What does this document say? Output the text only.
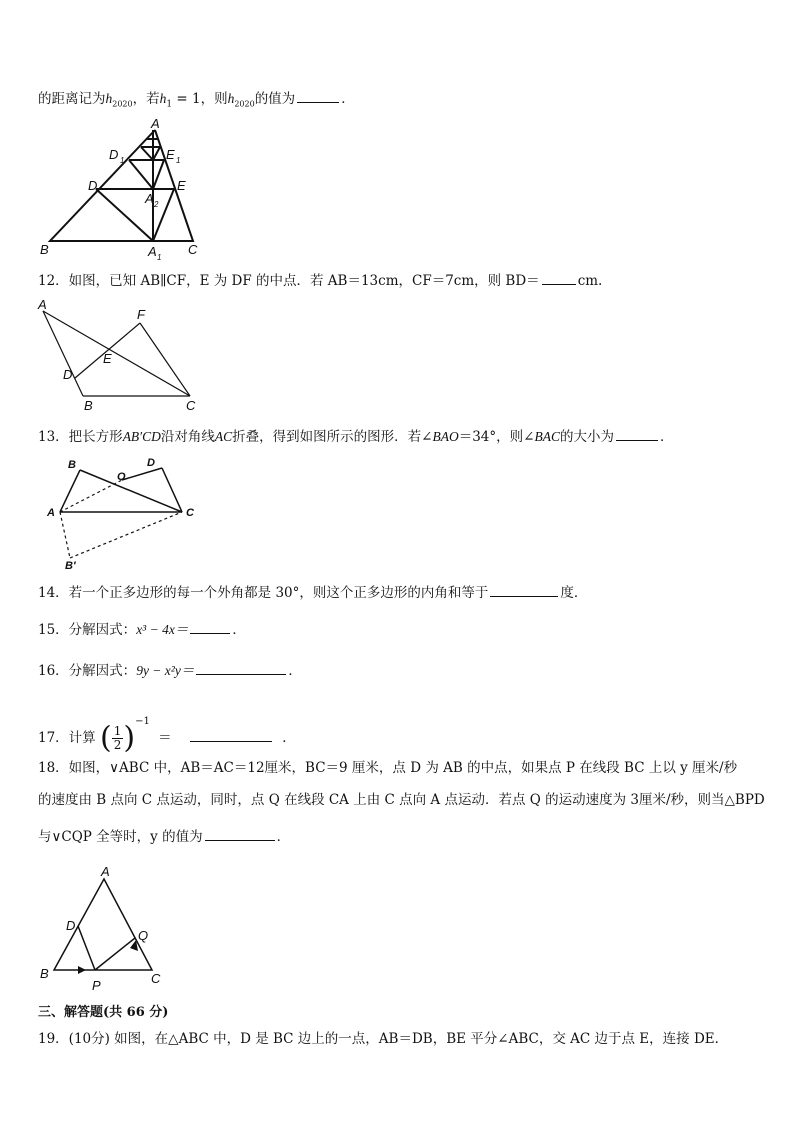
的距离记为$h_{2020}$，若$h_1 = 1$，则$h_{2020}$的值为	．
A
D 1	E 1
D	E
A 2
B	A 1
C
12．如图，已知 AB∥CF，E 为 DF 的中点．若 AB＝13cm，CF＝7cm，则 BD＝	cm.
A
F
E
D
B	C
13．把长方形AB′CD沿对角线AC折叠，得到如图所示的图形．若∠BAO＝34°，则∠BAC的大小为	．
B
O
D
A	C
B′
14．若一个正多边形的每一个外角都是 30°，则这个正多边形的内角和等于	度．
15．分解因式：x³ − 4x＝	．
16．分解因式：9y − x²y＝	．
17．计算 ( $\frac{1}{2} )^{-1}$ ＝	．
18．如图，∨ABC 中，AB＝AC＝12厘米，BC＝9 厘米，点 D 为 AB 的中点，如果点 P 在线段 BC 上以 y 厘米/秒
的速度由 B 点向 C 点运动，同时，点 Q 在线段 CA 上由 C 点向 A 点运动．若点 Q 的运动速度为 3厘米/秒，则当△BPD
与∨CQP 全等时，y 的值为	．
A
D
Q
B
P	C
三、解答题(共 66 分)
19．(10分) 如图，在△ABC 中，D 是 BC 边上的一点，AB＝DB，BE 平分∠ABC，交 AC 边于点 E，连接 DE．
